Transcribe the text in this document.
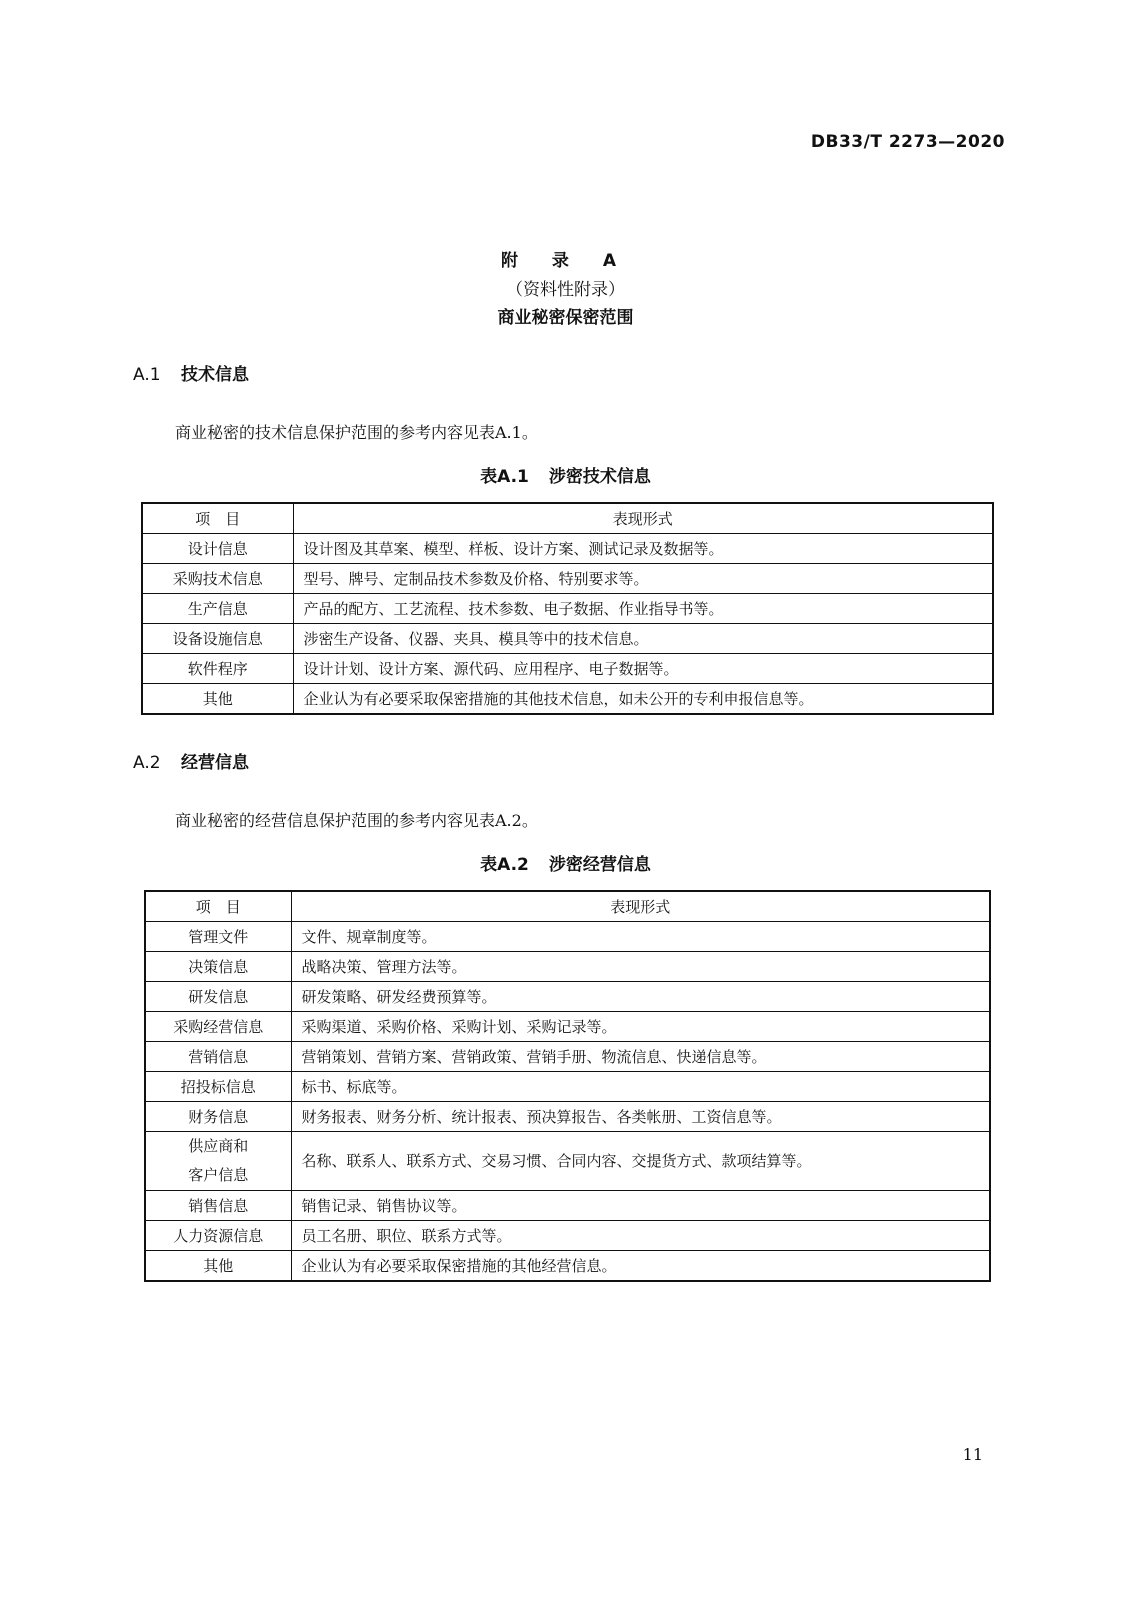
DB33/T 2273—2020
附 录 A
（资料性附录）
商业秘密保密范围
A.1 技术信息
商业秘密的技术信息保护范围的参考内容见表A.1。
表A.1 涉密技术信息
项　目	表现形式
设计信息	设计图及其草案、模型、样板、设计方案、测试记录及数据等。
采购技术信息	型号、牌号、定制品技术参数及价格、特别要求等。
生产信息	产品的配方、工艺流程、技术参数、电子数据、作业指导书等。
设备设施信息	涉密生产设备、仪器、夹具、模具等中的技术信息。
软件程序	设计计划、设计方案、源代码、应用程序、电子数据等。
其他	企业认为有必要采取保密措施的其他技术信息，如未公开的专利申报信息等。
A.2 经营信息
商业秘密的经营信息保护范围的参考内容见表A.2。
表A.2 涉密经营信息
项　目	表现形式
管理文件	文件、规章制度等。
决策信息	战略决策、管理方法等。
研发信息	研发策略、研发经费预算等。
采购经营信息	采购渠道、采购价格、采购计划、采购记录等。
营销信息	营销策划、营销方案、营销政策、营销手册、物流信息、快递信息等。
招投标信息	标书、标底等。
财务信息	财务报表、财务分析、统计报表、预决算报告、各类帐册、工资信息等。

供应商和
客户信息	名称、联系人、联系方式、交易习惯、合同内容、交提货方式、款项结算等。
销售信息	销售记录、销售协议等。
人力资源信息	员工名册、职位、联系方式等。
其他	企业认为有必要采取保密措施的其他经营信息。
11
